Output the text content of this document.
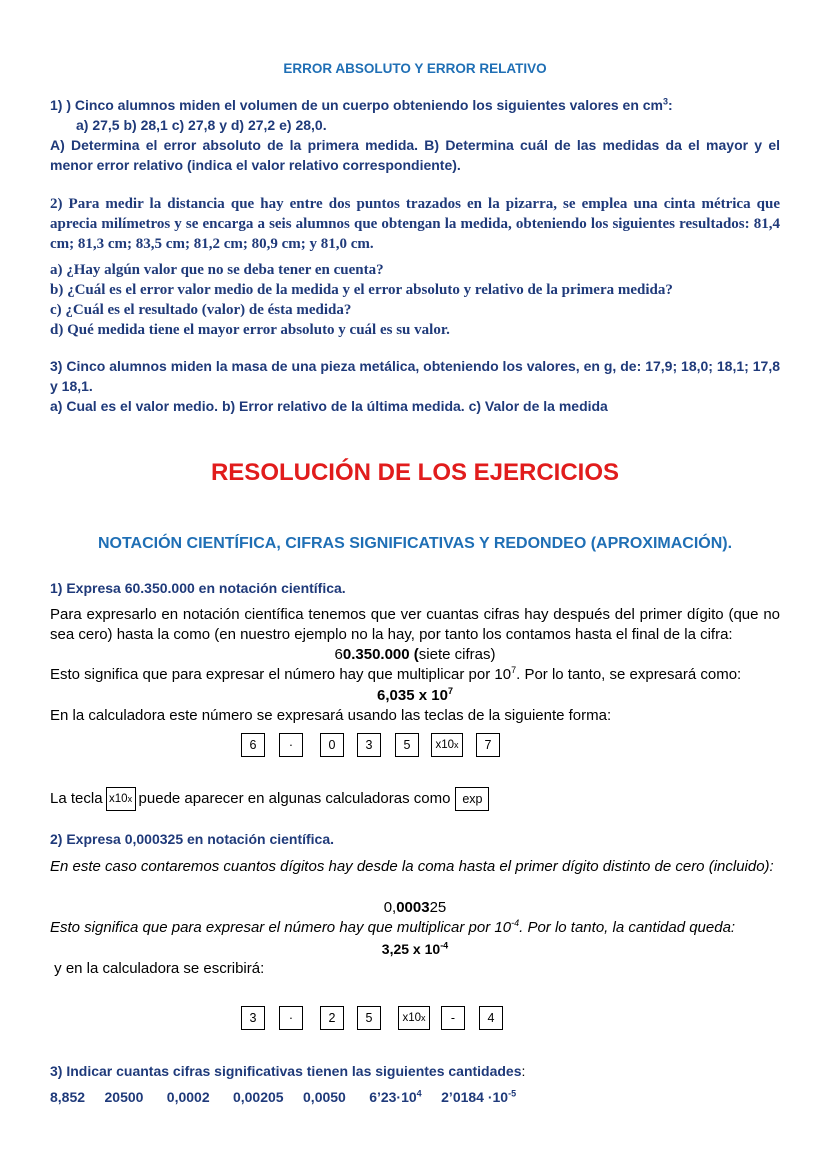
ERROR ABSOLUTO Y ERROR RELATIVO
1) ) Cinco alumnos miden el volumen de un cuerpo obteniendo los siguientes valores en $cm^3$:
a) 27,5 b) 28,1 c) 27,8 y d) 27,2 e) 28,0.
A) Determina el error absoluto de la primera medida. B) Determina cuál de las medidas da el mayor y el menor error relativo (indica el valor relativo correspondiente).
2) Para medir la distancia que hay entre dos puntos trazados en la pizarra, se emplea una cinta métrica que aprecia milímetros y se encarga a seis alumnos que obtengan la medida, obteniendo los siguientes resultados: 81,4 cm; 81,3 cm; 83,5 cm; 81,2 cm; 80,9 cm; y 81,0 cm.
a) ¿Hay algún valor que no se deba tener en cuenta?
b) ¿Cuál es el error valor medio de la medida y el error absoluto y relativo de la primera medida?
c) ¿Cuál es el resultado (valor) de ésta medida?
d) Qué medida tiene el mayor error absoluto y cuál es su valor.
3) Cinco alumnos miden la masa de una pieza metálica, obteniendo los valores, en g, de: 17,9; 18,0; 18,1; 17,8 y 18,1.
a) Cual es el valor medio. b) Error relativo de la última medida. c) Valor de la medida
RESOLUCIÓN DE LOS EJERCICIOS
NOTACIÓN CIENTÍFICA, CIFRAS SIGNIFICATIVAS Y REDONDEO (APROXIMACIÓN).
1) Expresa 60.350.000 en notación científica.
Para expresarlo en notación científica tenemos que ver cuantas cifras hay después del primer dígito (que no sea cero) hasta la como (en nuestro ejemplo no la hay, por tanto los contamos hasta el final de la cifra:
60.350.000 (siete cifras)
Esto significa que para expresar el número hay que multiplicar por $10^7$. Por lo tanto, se expresará como:
6,035 x $10^7$
En la calculadora este número se expresará usando las teclas de la siguiente forma:
6	·	0 3 5 x10 x 7
La tecla x10 x puede aparecer en algunas calculadoras como exp
2) Expresa 0,000325 en notación científica.
En este caso contaremos cuantos dígitos hay desde la coma hasta el primer dígito distinto de cero (incluido):
0,000325
Esto significa que para expresar el número hay que multiplicar por $10^{-4}$. Por lo tanto, la cantidad queda:
3,25 x $10^{-4}$
y en la calculadora se escribirá:
3	·	2 5	x10 x -	4
3) Indicar cuantas cifras significativas tienen las siguientes cantidades:
8,852 20500 0,0002 0,00205 0,0050 $6’23\cdot 10^4$ 2’0184 $\cdot 10^{-5}$
